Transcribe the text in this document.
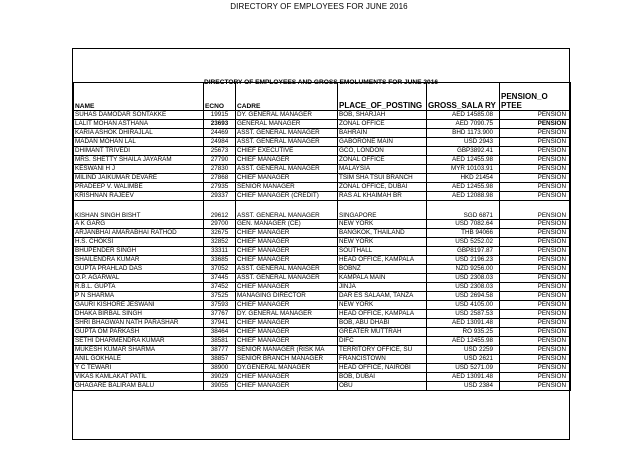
DIRECTORY OF EMPLOYEES FOR JUNE 2016
DIRECTORY OF EMPLOYEES AND GROSS EMOLUMENTS FOR JUNE 2016
NAME	ECNO	CADRE	PLACE_OF_POSTING	GROSS_SALA RY	PENSION_O PTEE
SUHAS DAMODAR SONTAKKE	19915	DY. GENERAL MANAGER	BOB, SHARJAH	AED 14585.08	PENSION
LALIT MOHAN ASTHANA	23693	GENERAL MANAGER	ZONAL OFFICE	AED 7090.75	PENSION
KARIA ASHOK DHIRAJLAL	24469	ASST. GENERAL MANAGER	BAHRAIN	BHD 1173.900	PENSION
MADAN MOHAN LAL	24984	ASST. GENERAL MANAGER	GABORONE MAIN	USD 2943	PENSION
DHIMANT TRIVEDI	25673	CHIEF EXECUTIVE	GCO, LONDON	GBP3892.41	PENSION
MRS. SHETTY SHAILA JAYARAM	27790	CHIEF MANAGER	ZONAL OFFICE	AED 12455.98	PENSION
KESWANI H J	27830	ASST. GENERAL MANAGER	MALAYSIA	MYR 10103.91	PENSION
MILIND JAIKUMAR DEVARE	27868	CHIEF MANAGER	TSIM SHA TSUI BRANCH	HKD 21454	PENSION
PRADEEP V. WALIMBE	27935	SENIOR MANAGER	ZONAL OFFICE, DUBAI	AED 12455.98	PENSION
KRISHNAN RAJEEV	29337	CHIEF MANAGER (CREDIT)	RAS AL KHAIMAH BR	AED 12088.98	PENSION
KISHAN SINGH BISHT	29612	ASST. GENERAL MANAGER	SINGAPORE	SGD 6871	PENSION
A K GARG	29700	GEN. MANAGER (CE)	NEW YORK	USD 7082.64	PENSION
ARJANBHAI AMARABHAI RATHOD	32675	CHIEF MANAGER	BANGKOK, THAILAND	THB 94066	PENSION
H.S. CHOKSI	32852	CHIEF MANAGER	NEW YORK	USD 5252.02	PENSION
BHUPENDER SINGH	33311	CHIEF MANAGER	SOUTHALL	GBP8197.87	PENSION
SHAILENDRA KUMAR	33685	CHIEF MANAGER	HEAD OFFICE, KAMPALA	USD 2196.23	PENSION
GUPTA PRAHLAD DAS	37052	ASST. GENERAL MANAGER	BOBNZ	NZD 9256.00	PENSION
O.P. AGARWAL	37445	ASST. GENERAL MANAGER	KAMPALA MAIN	USD 2308.03	PENSION
R.B.L. GUPTA	37452	CHIEF MANAGER	JINJA	USD 2308.03	PENSION
P N SHARMA	37525	MANAGING DIRECTOR	DAR ES SALAAM, TANZA	USD 2694.58	PENSION
GAURI KISHORE JESWANI	37593	CHIEF MANAGER	NEW YORK	USD 4105.00	PENSION
DHAKA BIRBAL SINGH	37767	DY. GENERAL MANAGER	HEAD OFFICE, KAMPALA	USD 2587.53	PENSION
SHRI BHAGWAN NATH PARASHAR	37941	CHIEF MANAGER	BOB, ABU DHABI	AED 13091.48	PENSION
GUPTA OM PARKASH	38464	CHIEF MANAGER	GREATER MUTTRAH	RO 935.25	PENSION
SETHI DHARMENDRA KUMAR	38581	CHIEF MANAGER	DIFC	AED 12455.98	PENSION
MUKESH KUMAR SHARMA	38777	SENIOR MANAGER (RISK MA	TERRITORY OFFICE, SU	USD 2259	PENSION
ANIL GOKHALE	38857	SENIOR BRANCH MANAGER	FRANCISTOWN	USD 2621	PENSION
Y C TEWARI	38900	DY.GENERAL MANAGER	HEAD OFFICE, NAIROBI	USD 5271.09	PENSION
VIKAS KAMLAKAT PATIL	39029	CHIEF MANAGER	BOB, DUBAI	AED 13091.48	PENSION
GHAGARE BALIRAM BALU	39055	CHIEF MANAGER	OBU	USD 2384	PENSION
